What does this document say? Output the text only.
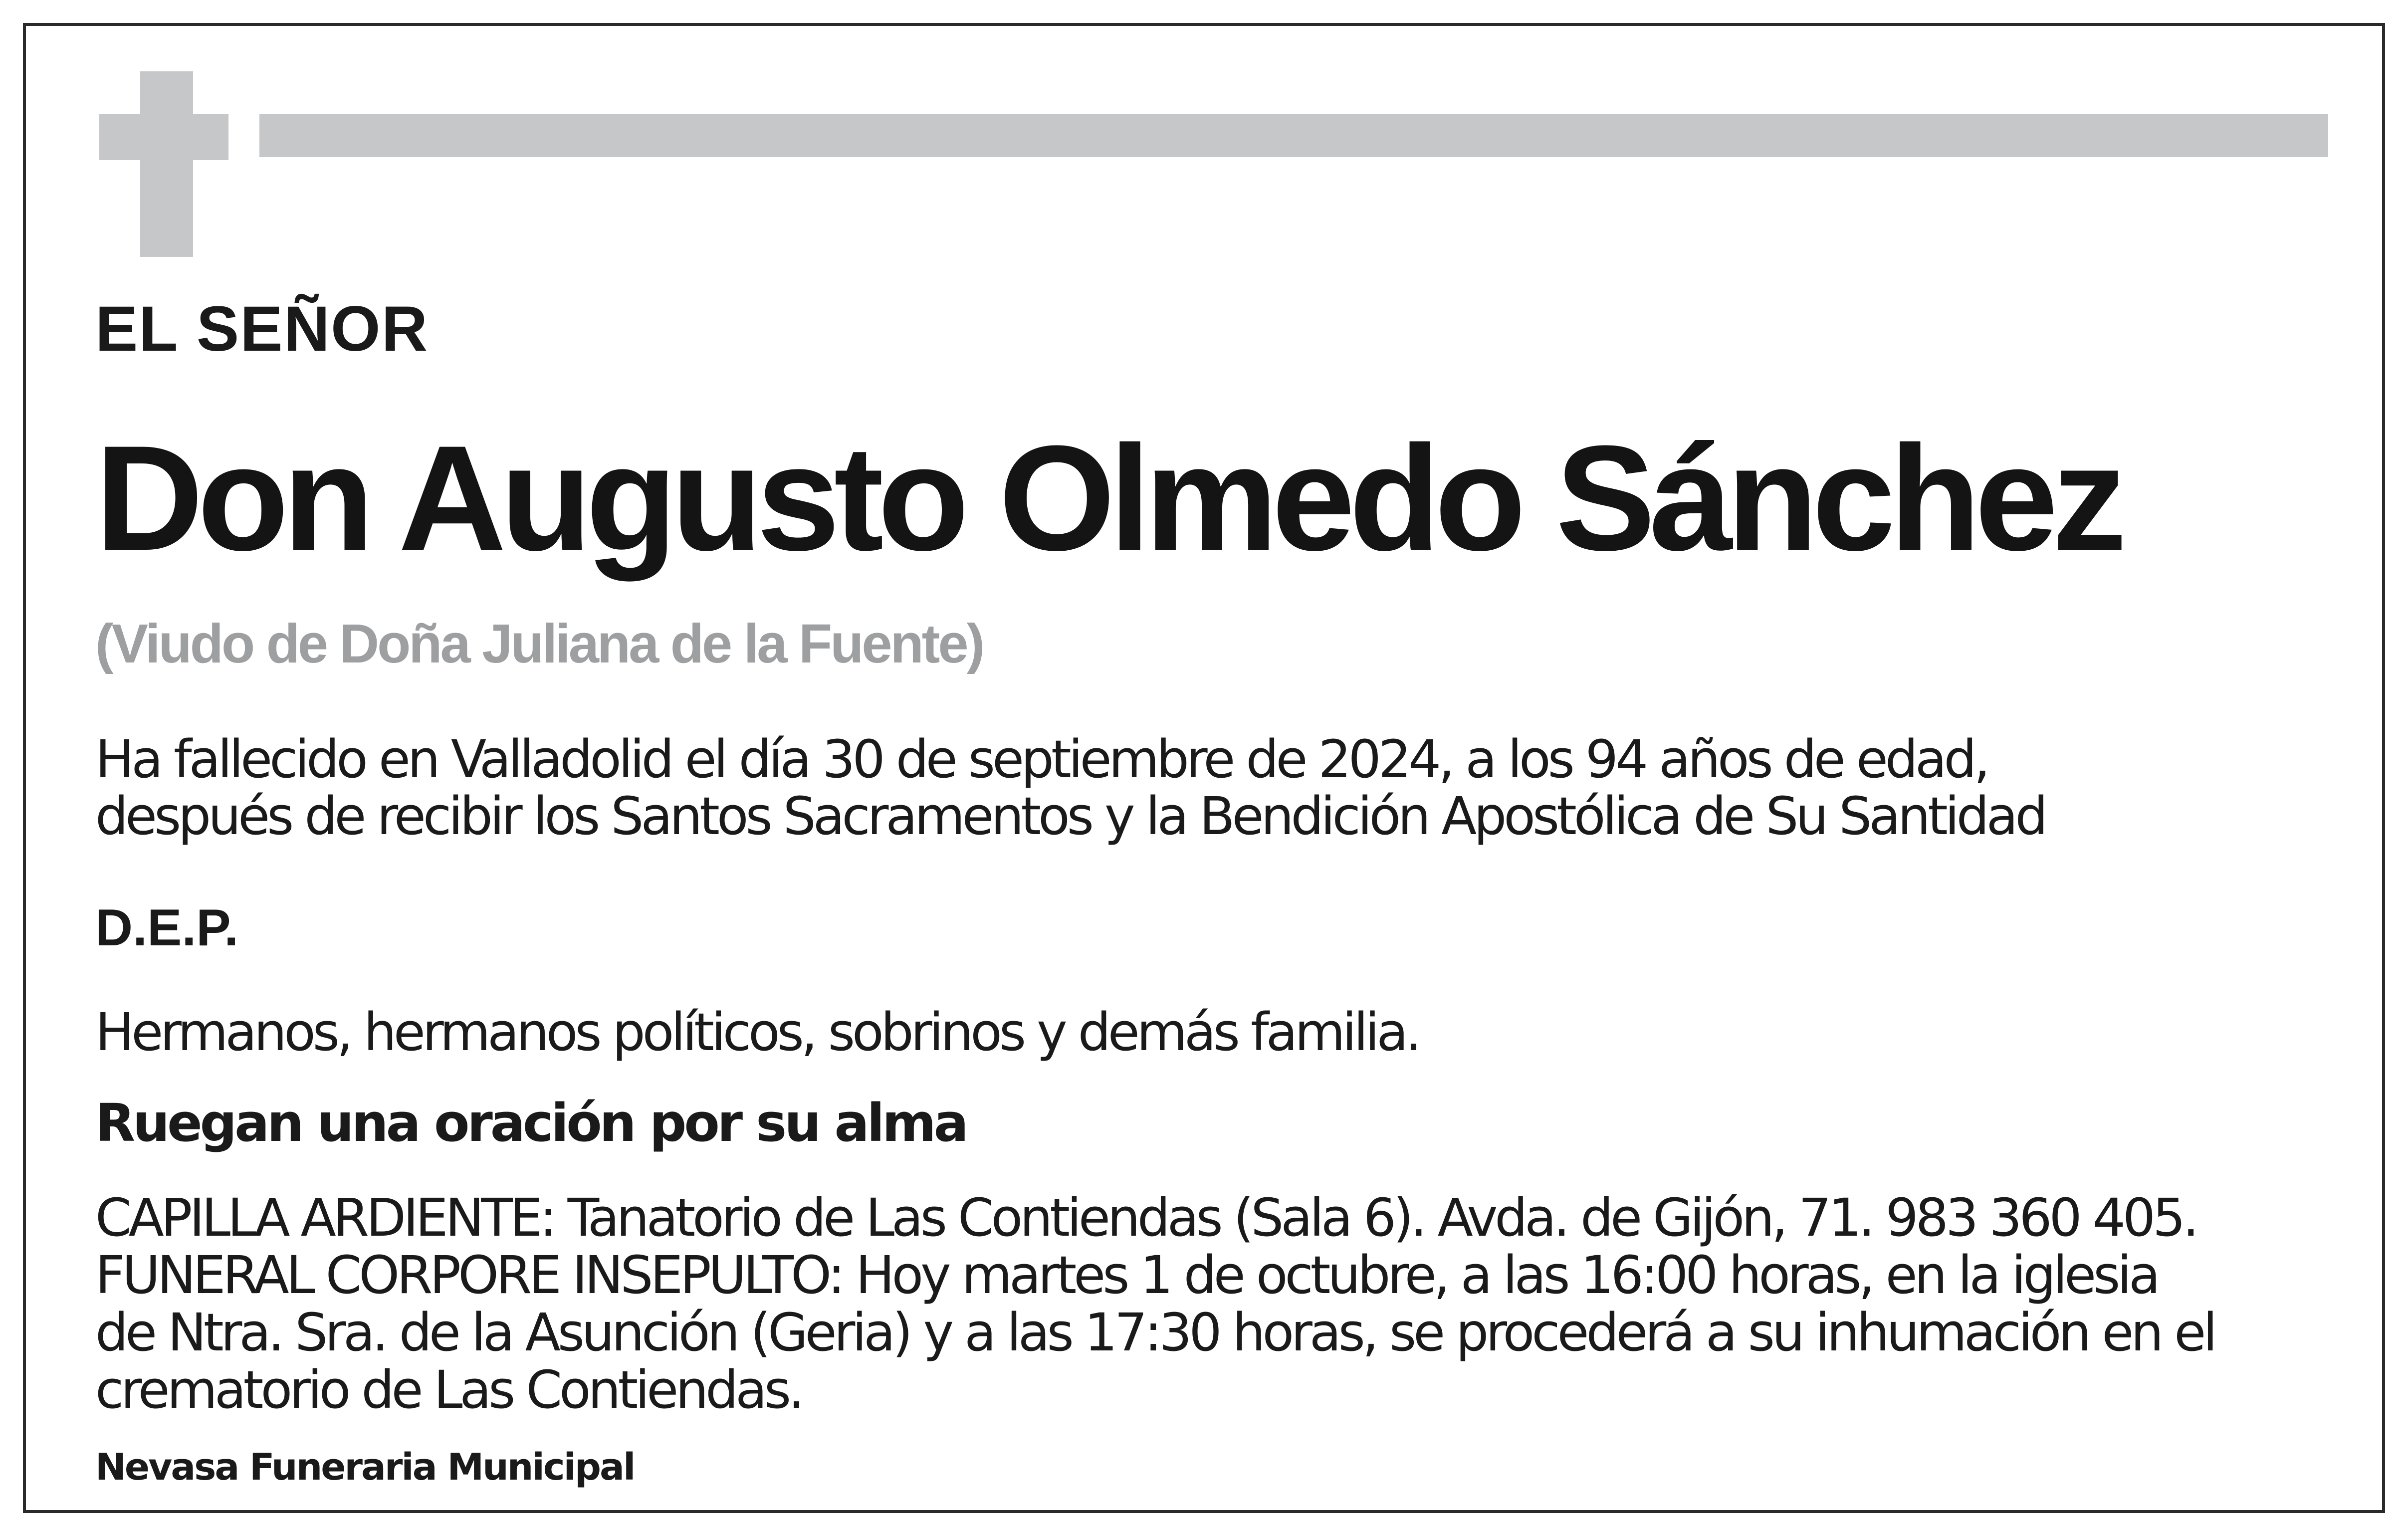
EL SEÑOR
Don Augusto Olmedo Sánchez
(Viudo de Doña Juliana de la Fuente)
Ha fallecido en Valladolid el día 30 de septiembre de 2024, a los 94 años de edad,
después de recibir los Santos Sacramentos y la Bendición Apostólica de Su Santidad
D.E.P.
Hermanos, hermanos políticos, sobrinos y demás familia.
Ruegan una oración por su alma
CAPILLA ARDIENTE: Tanatorio de Las Contiendas (Sala 6). Avda. de Gijón, 71. 983 360 405.
FUNERAL CORPORE INSEPULTO: Hoy martes 1 de octubre, a las 16:00 horas, en la iglesia
de Ntra. Sra. de la Asunción (Geria) y a las 17:30 horas, se procederá a su inhumación en el
crematorio de Las Contiendas.
Nevasa Funeraria Municipal
